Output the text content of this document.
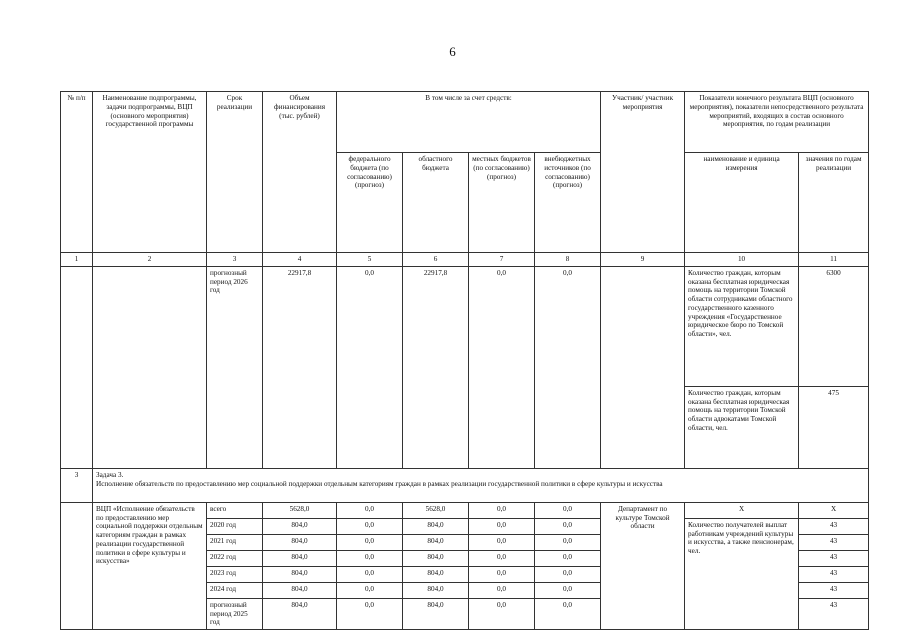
6
№ п/п	Наименование подпрограммы, задачи подпрограммы, ВЦП (основного мероприятия) государственной программы	Срок реализации	Объем финансирования (тыс. рублей)	В том числе за счет средств:				Участник/ участник мероприятия	Показатели конечного результата ВЦП (основного мероприятия), показатели непосредственного результата мероприятий, входящих в состав основного мероприятия, по годам реализации	
				федерального бюджета (по согласованию) (прогноз)	областного бюджета	местных бюджетов (по согласованию) (прогноз)	внебюджетных источников (по согласованию) (прогноз)		наименование и единица измерения	значения по годам реализации
1	2	3	4	5	6	7	8	9	10	11
		прогнозный период 2026 год	22917,8	0,0	22917,8	0,0	0,0		Количество граждан, которым оказана бесплатная юридическая помощь на территории Томской области сотрудниками областного государственного казенного учреждения «Государственное юридическое бюро по Томской области», чел.	6300
									Количество граждан, которым оказана бесплатная юридическая помощь на территории Томской области адвокатами Томской области, чел.	475
3	Задача 3.
Исполнение обязательств по предоставлению мер социальной поддержки отдельным категориям граждан в рамках реализации государственной политики в сфере культуры и искусства									

	ВЦП «Исполнение обязательств по предоставлению мер социальной поддержки отдельным категориям граждан в рамках реализации государственной политики в сфере культуры и искусства»	всего	5628,0	0,0	5628,0	0,0	0,0	Департамент по культуре Томской области	Х	Х
		2020 год	804,0	0,0	804,0	0,0	0,0		Количество получателей выплат работникам учреждений культуры и искусства, а также пенсионерам, чел.	43
		2021 год	804,0	0,0	804,0	0,0	0,0			43
		2022 год	804,0	0,0	804,0	0,0	0,0			43
		2023 год	804,0	0,0	804,0	0,0	0,0			43
		2024 год	804,0	0,0	804,0	0,0	0,0			43
		прогнозный период 2025 год	804,0	0,0	804,0	0,0	0,0			43
